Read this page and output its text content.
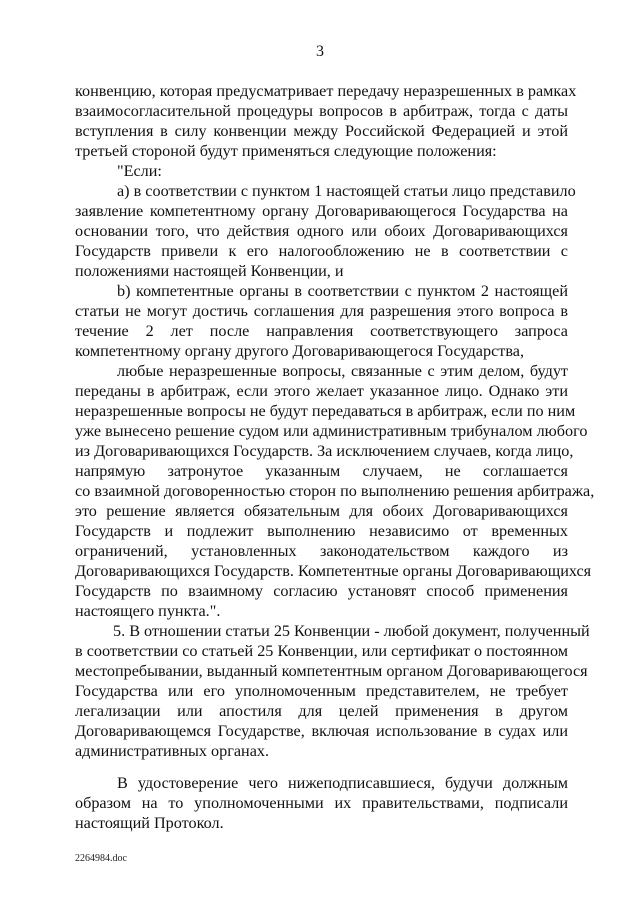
3
конвенцию, которая предусматривает передачу неразрешенных в рамках
взаимосогласительной процедуры вопросов в арбитраж, тогда с даты
вступления в силу конвенции между Российской Федерацией и этой
третьей стороной будут применяться следующие положения:
"Если:
a) в соответствии с пунктом 1 настоящей статьи лицо представило
заявление компетентному органу Договаривающегося Государства на
основании того, что действия одного или обоих Договаривающихся
Государств привели к его налогообложению не в соответствии с
положениями настоящей Конвенции, и
b) компетентные органы в соответствии с пунктом 2 настоящей
статьи не могут достичь соглашения для разрешения этого вопроса в
течение 2 лет после направления соответствующего запроса
компетентному органу другого Договаривающегося Государства,
любые неразрешенные вопросы, связанные с этим делом, будут
переданы в арбитраж, если этого желает указанное лицо. Однако эти
неразрешенные вопросы не будут передаваться в арбитраж, если по ним
уже вынесено решение судом или административным трибуналом любого
из Договаривающихся Государств. За исключением случаев, когда лицо,
напрямую затронутое указанным случаем, не соглашается
со взаимной договоренностью сторон по выполнению решения арбитража,
это решение является обязательным для обоих Договаривающихся
Государств и подлежит выполнению независимо от временных
ограничений, установленных законодательством каждого из
Договаривающихся Государств. Компетентные органы Договаривающихся
Государств по взаимному согласию установят способ применения
настоящего пункта.".
5. В отношении статьи 25 Конвенции - любой документ, полученный
в соответствии со статьей 25 Конвенции, или сертификат о постоянном
местопребывании, выданный компетентным органом Договаривающегося
Государства или его уполномоченным представителем, не требует
легализации или апостиля для целей применения в другом
Договаривающемся Государстве, включая использование в судах или
административных органах.
В удостоверение чего нижеподписавшиеся, будучи должным
образом на то уполномоченными их правительствами, подписали
настоящий Протокол.
2264984.doc
